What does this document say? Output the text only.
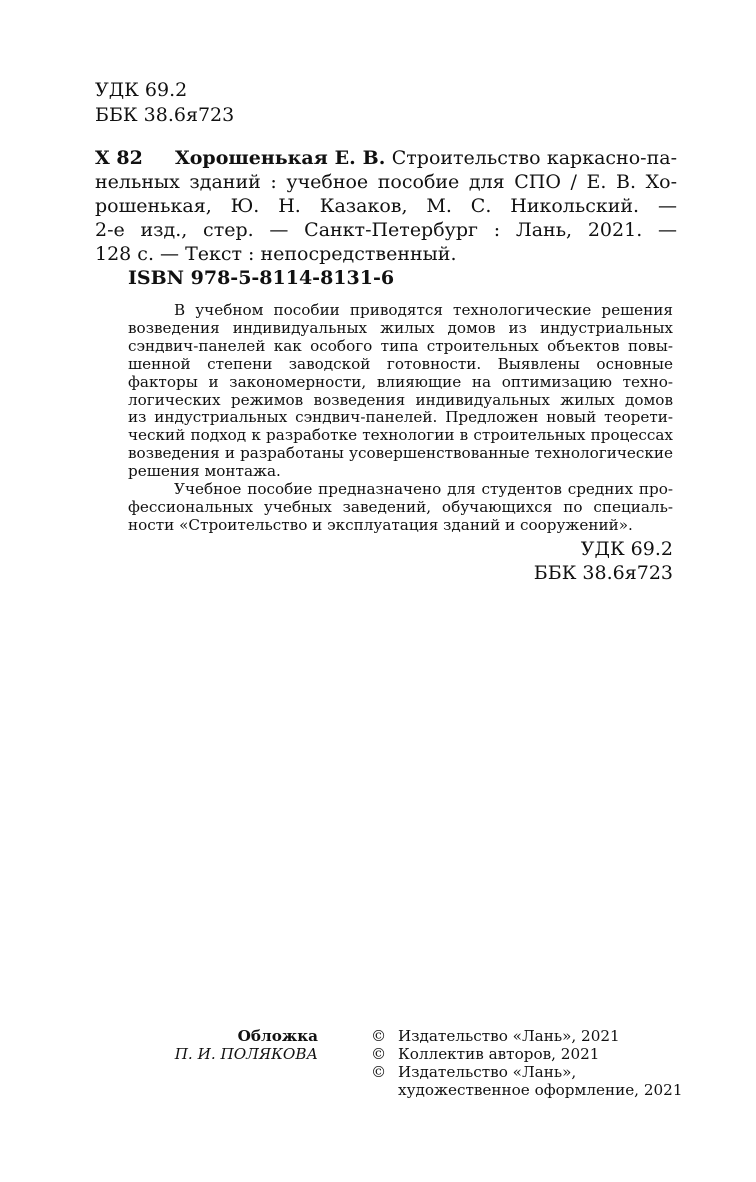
УДК 69.2
ББК 38.6я723
Х 82 Хорошенькая Е. В. Строительство каркасно-па-
нельных зданий : учебное пособие для СПО / Е. В. Хо-
рошенькая, Ю. Н. Казаков, М. С. Никольский. —
2-е изд., стер. — Санкт-Петербург : Лань, 2021. —
128 с. — Текст : непосредственный.
ISBN 978-5-8114-8131-6
В учебном пособии приводятся технологические решения
возведения индивидуальных жилых домов из индустриальных
сэндвич-панелей как особого типа строительных объектов повы-
шенной степени заводской готовности. Выявлены основные
факторы и закономерности, влияющие на оптимизацию техно-
логических режимов возведения индивидуальных жилых домов
из индустриальных сэндвич-панелей. Предложен новый теорети-
ческий подход к разработке технологии в строительных процессах
возведения и разработаны усовершенствованные технологические
решения монтажа.
Учебное пособие предназначено для студентов средних про-
фессиональных учебных заведений, обучающихся по специаль-
ности «Строительство и эксплуатация зданий и сооружений».
УДК 69.2
ББК 38.6я723
Обложка
П. И. ПОЛЯКОВА
© Издательство «Лань», 2021
© Коллектив авторов, 2021
© Издательство «Лань»,
художественное оформление, 2021
